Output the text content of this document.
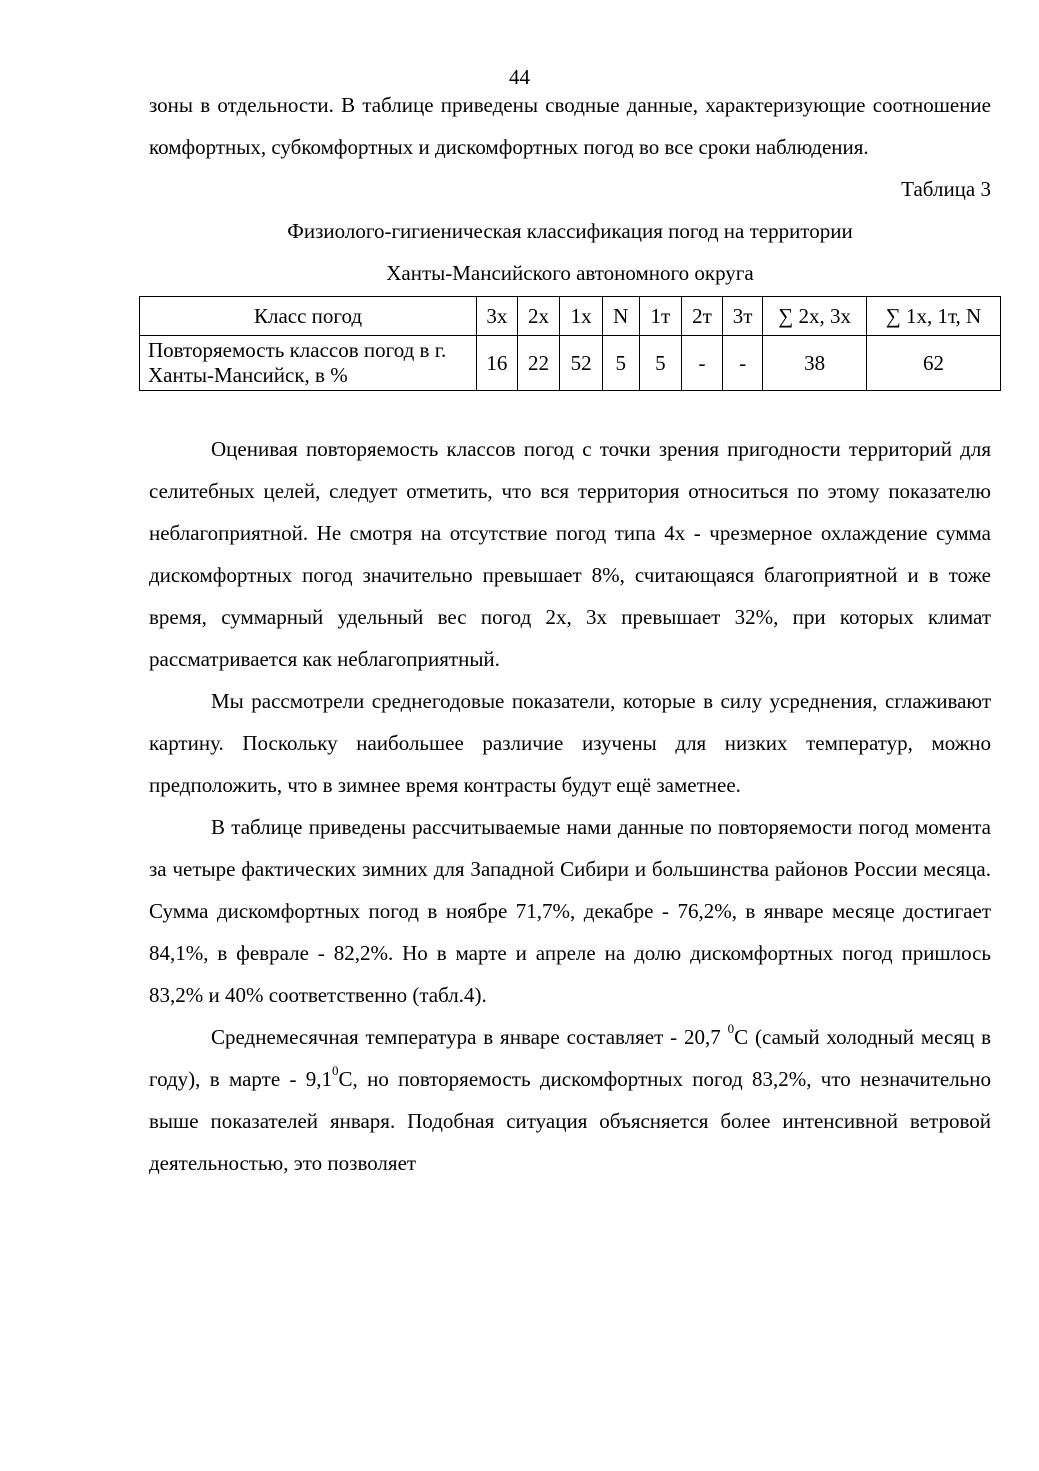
44

зоны в отдельности. В таблице приведены сводные данные, характеризующие соотношение комфортных, субкомфортных и дискомфортных погод во все сроки наблюдения.

Таблица 3
Физиолого-гигиеническая классификация погод на территории
Ханты-Мансийского автономного округа
Класс погод	3х	2х	1х	N	1т	2т	3т	∑ 2х, 3х	∑ 1х, 1т, N
Повторяемость классов погод в г. Ханты-Мансийск, в %	16	22	52	5	5	-	-	38	62

Оценивая повторяемость классов погод с точки зрения пригодности территорий для селитебных целей, следует отметить, что вся территория относиться по этому показателю неблагоприятной. Не смотря на отсутствие погод типа 4х - чрезмерное охлаждение сумма дискомфортных погод значительно превышает 8%, считающаяся благоприятной и в тоже время, суммарный удельный вес погод 2х, 3х превышает 32%, при которых климат рассматривается как неблагоприятный.

Мы рассмотрели среднегодовые показатели, которые в силу усреднения, сглаживают картину. Поскольку наибольшее различие изучены для низких температур, можно предположить, что в зимнее время контрасты будут ещё заметнее.

В таблице приведены рассчитываемые нами данные по повторяемости погод момента за четыре фактических зимних для Западной Сибири и большинства районов России месяца. Сумма дискомфортных погод в ноябре 71,7%, декабре - 76,2%, в январе месяце достигает 84,1%, в феврале - 82,2%. Но в марте и апреле на долю дискомфортных погод пришлось 83,2% и 40% соответственно (табл.4).

Среднемесячная температура в январе составляет - 20,7 $^0$С (самый холодный месяц в году), в марте - $9,1^0С$, но повторяемость дискомфортных погод 83,2%, что незначительно выше показателей января. Подобная ситуация объясняется более интенсивной ветровой деятельностью, это позволяет
